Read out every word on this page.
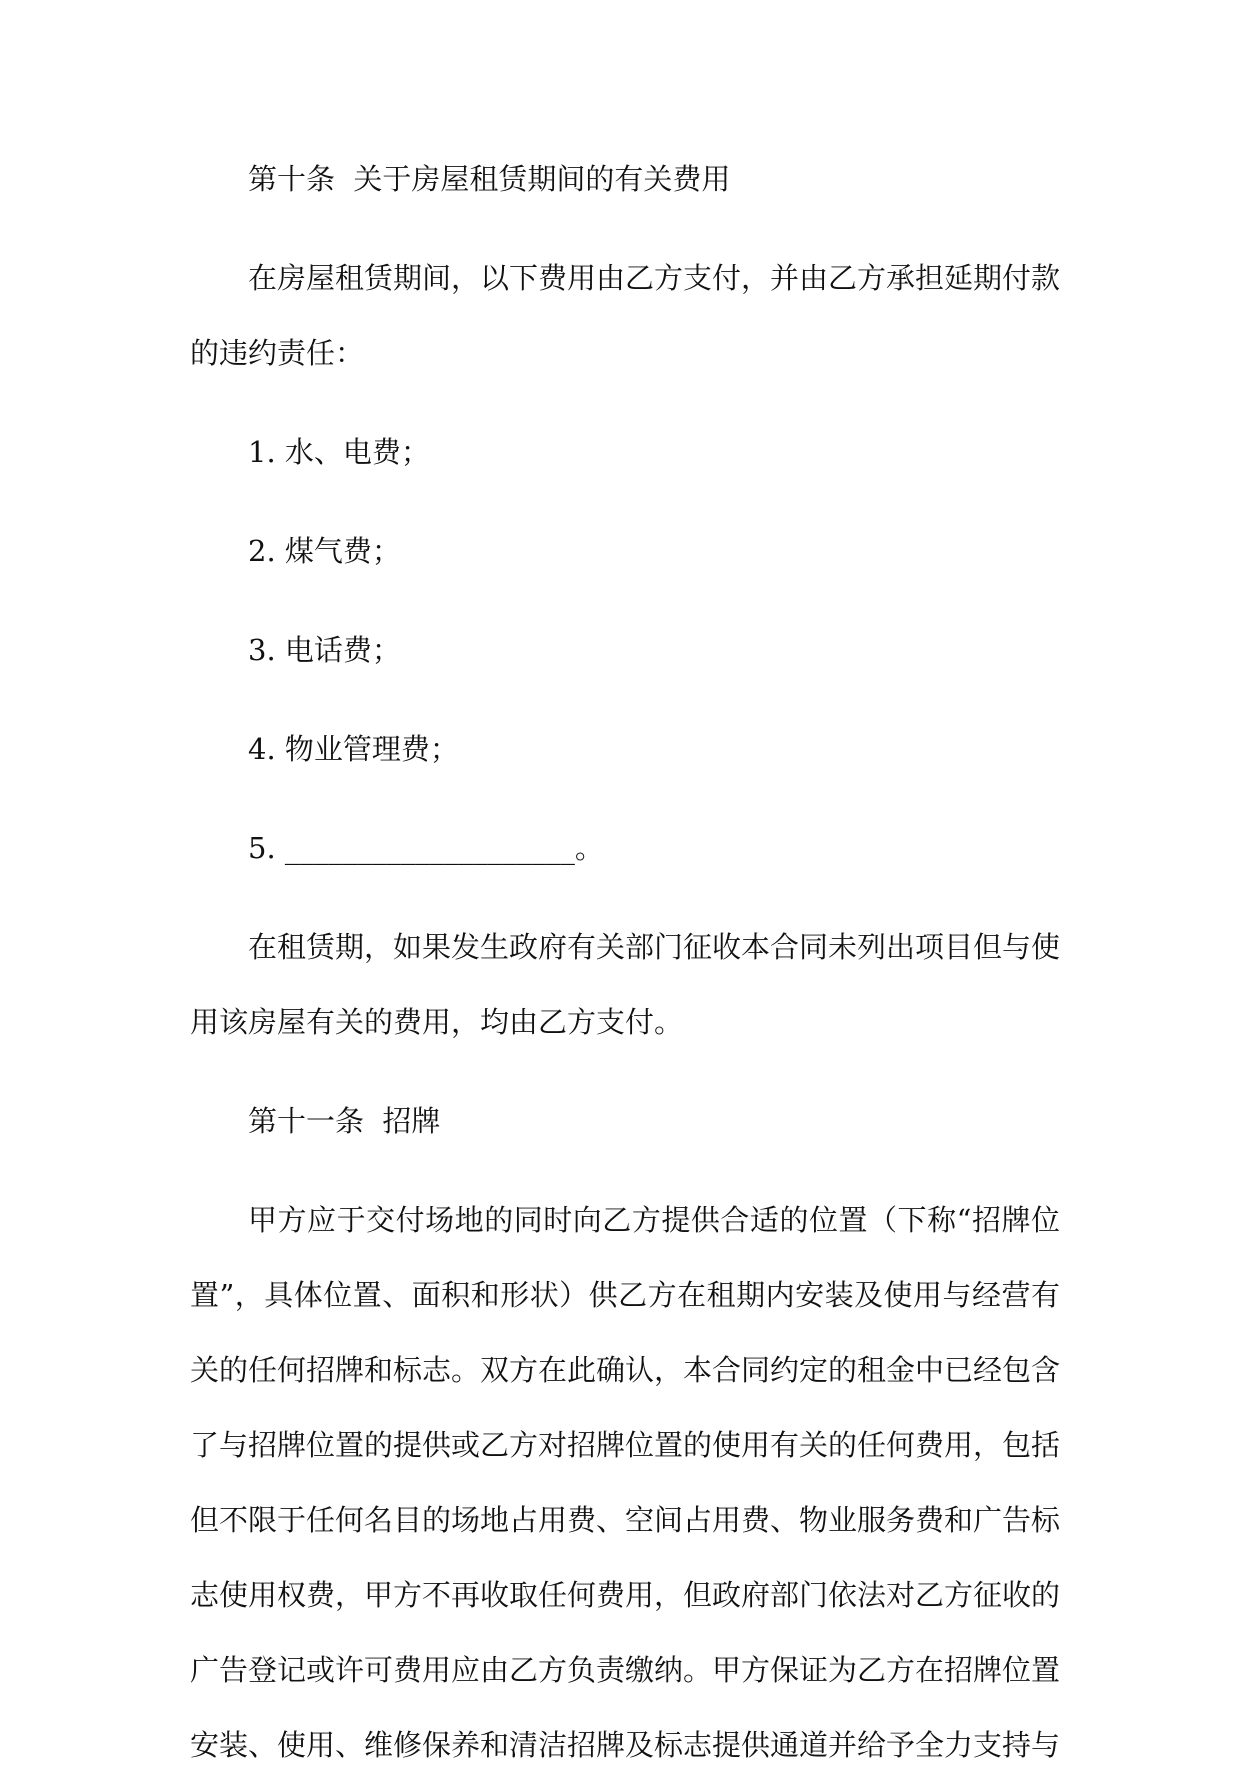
第十条  关于房屋租赁期间的有关费用

在房屋租赁期间，以下费用由乙方支付，并由乙方承担延期付款的违约责任：

1. 水、电费；

2. 煤气费；

3. 电话费；

4. 物业管理费；

5. ____________________。

在租赁期，如果发生政府有关部门征收本合同未列出项目但与使用该房屋有关的费用，均由乙方支付。

第十一条  招牌

甲方应于交付场地的同时向乙方提供合适的位置（下称“招牌位置”，具体位置、面积和形状）供乙方在租期内安装及使用与经营有关的任何招牌和标志。双方在此确认，本合同约定的租金中已经包含了与招牌位置的提供或乙方对招牌位置的使用有关的任何费用，包括但不限于任何名目的场地占用费、空间占用费、物业服务费和广告标志使用权费，甲方不再收取任何费用，但政府部门依法对乙方征收的广告登记或许可费用应由乙方负责缴纳。甲方保证为乙方在招牌位置安装、使用、维修保养和清洁招牌及标志提供通道并给予全力支持与
